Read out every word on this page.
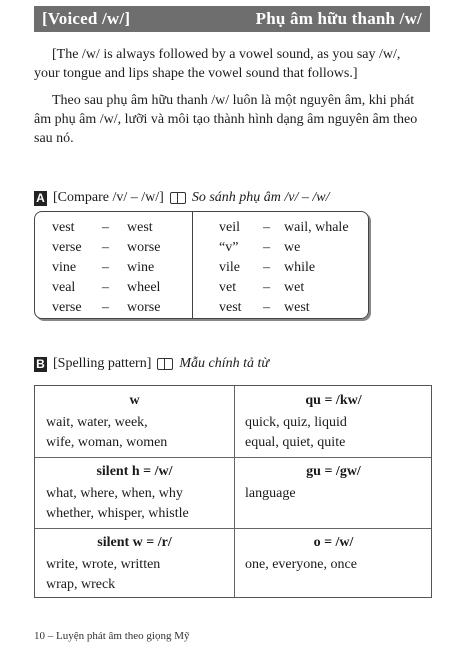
[Voiced /w/]	Phụ âm hữu thanh /w/

[The /w/ is always followed by a vowel sound, as you say /w/, your tongue and lips shape the vowel sound that follows.]

Theo sau phụ âm hữu thanh /w/ luôn là một nguyên âm, khi phát âm phụ âm /w/, lưỡi và môi tạo thành hình dạng âm nguyên âm theo sau nó.

A [Compare /v/ – /w/] So sánh phụ âm /v/ – /w/
vest – west
verse – worse
vine – wine
veal – wheel
verse – worse
veil – wail, whale
“v” – we
vile – while
vet – wet
vest – west
B [Spelling pattern] Mẫu chính tả từ
w
wait, water, week,
wife, woman, women
qu = /kw/
quick, quiz, liquid
equal, quiet, quite
silent h = /w/
what, where, when, why
whether, whisper, whistle
gu = /gw/
language
silent w = /r/
write, wrote, written
wrap, wreck
o = /w/
one, everyone, once
10 – Luyện phát âm theo giọng Mỹ
